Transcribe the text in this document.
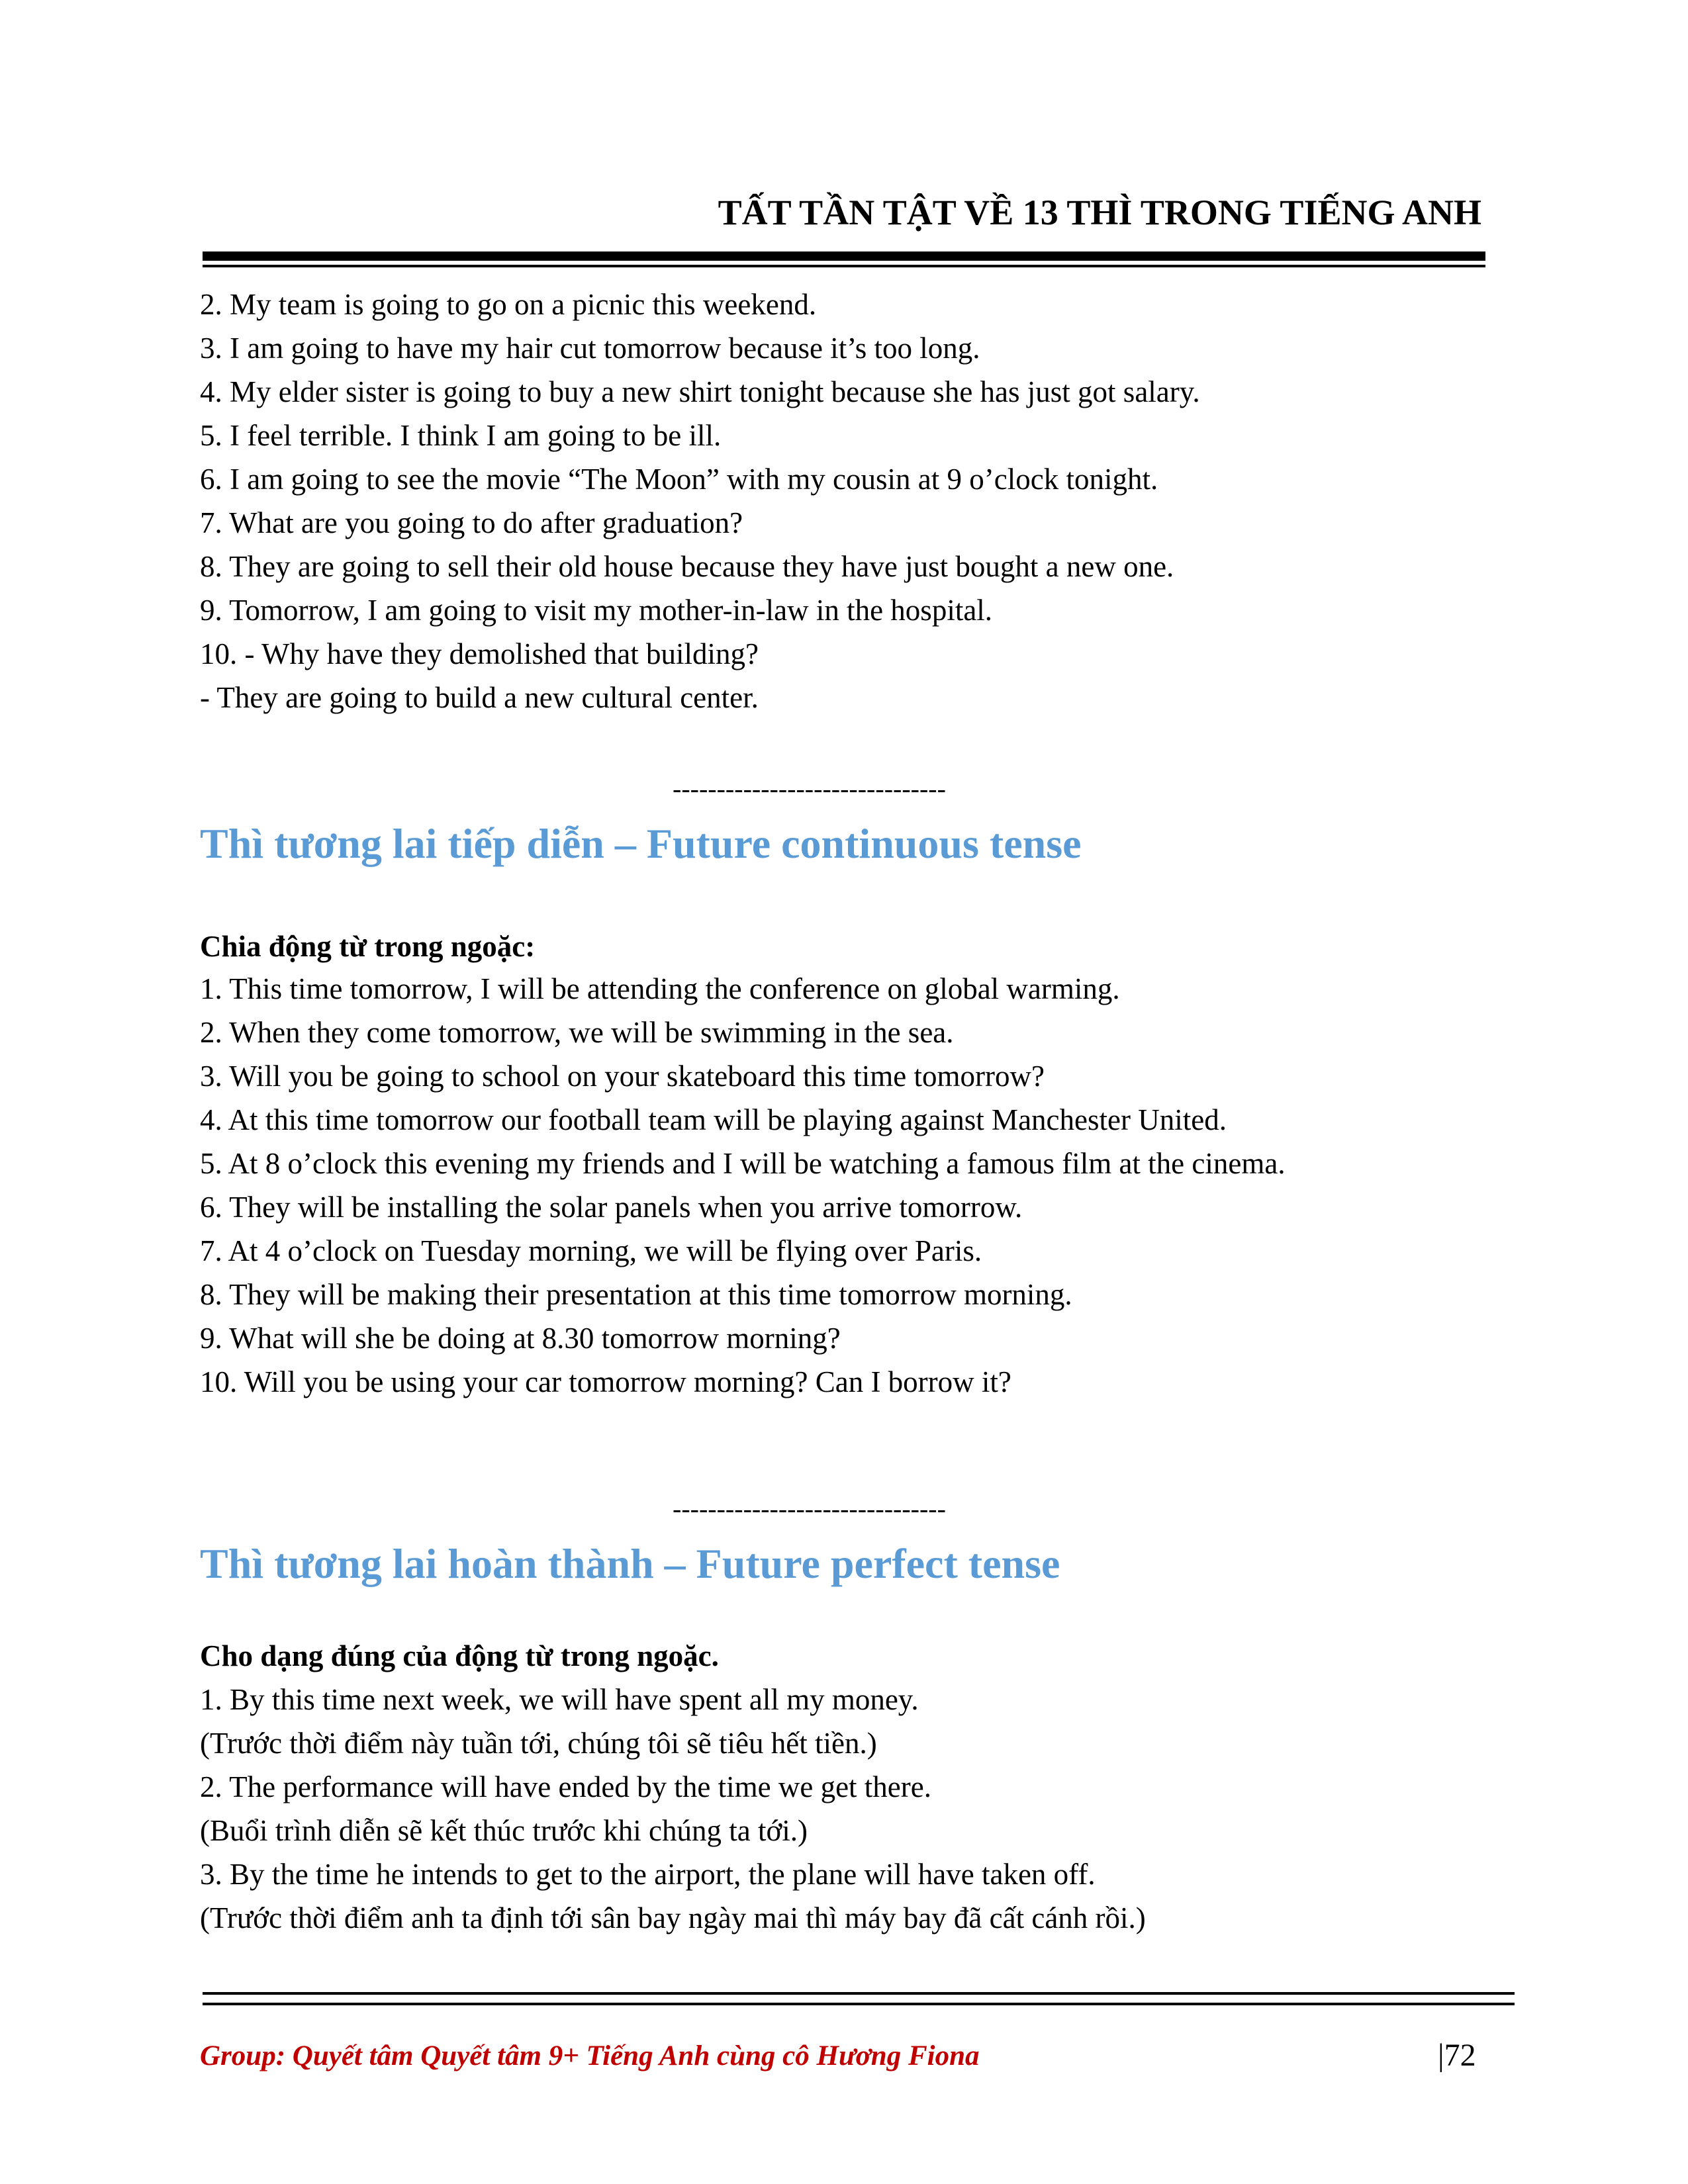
TẤT TẦN TẬT VỀ 13 THÌ TRONG TIẾNG ANH
2. My team is going to go on a picnic this weekend.
3. I am going to have my hair cut tomorrow because it’s too long.
4. My elder sister is going to buy a new shirt tonight because she has just got salary.
5. I feel terrible. I think I am going to be ill.
6. I am going to see the movie “The Moon” with my cousin at 9 o’clock tonight.
7. What are you going to do after graduation?
8. They are going to sell their old house because they have just bought a new one.
9. Tomorrow, I am going to visit my mother-in-law in the hospital.
10. - Why have they demolished that building?
- They are going to build a new cultural center.
-------------------------------
Thì tương lai tiếp diễn – Future continuous tense
Chia động từ trong ngoặc:
1. This time tomorrow, I will be attending the conference on global warming.
2. When they come tomorrow, we will be swimming in the sea.
3. Will you be going to school on your skateboard this time tomorrow?
4. At this time tomorrow our football team will be playing against Manchester United.
5. At 8 o’clock this evening my friends and I will be watching a famous film at the cinema.
6. They will be installing the solar panels when you arrive tomorrow.
7. At 4 o’clock on Tuesday morning, we will be flying over Paris.
8. They will be making their presentation at this time tomorrow morning.
9. What will she be doing at 8.30 tomorrow morning?
10. Will you be using your car tomorrow morning? Can I borrow it?
-------------------------------
Thì tương lai hoàn thành – Future perfect tense
Cho dạng đúng của động từ trong ngoặc.
1. By this time next week, we will have spent all my money.
(Trước thời điểm này tuần tới, chúng tôi sẽ tiêu hết tiền.)
2. The performance will have ended by the time we get there.
(Buổi trình diễn sẽ kết thúc trước khi chúng ta tới.)
3. By the time he intends to get to the airport, the plane will have taken off.
(Trước thời điểm anh ta định tới sân bay ngày mai thì máy bay đã cất cánh rồi.)
Group: Quyết tâm Quyết tâm 9+ Tiếng Anh cùng cô Hương Fiona	|72
